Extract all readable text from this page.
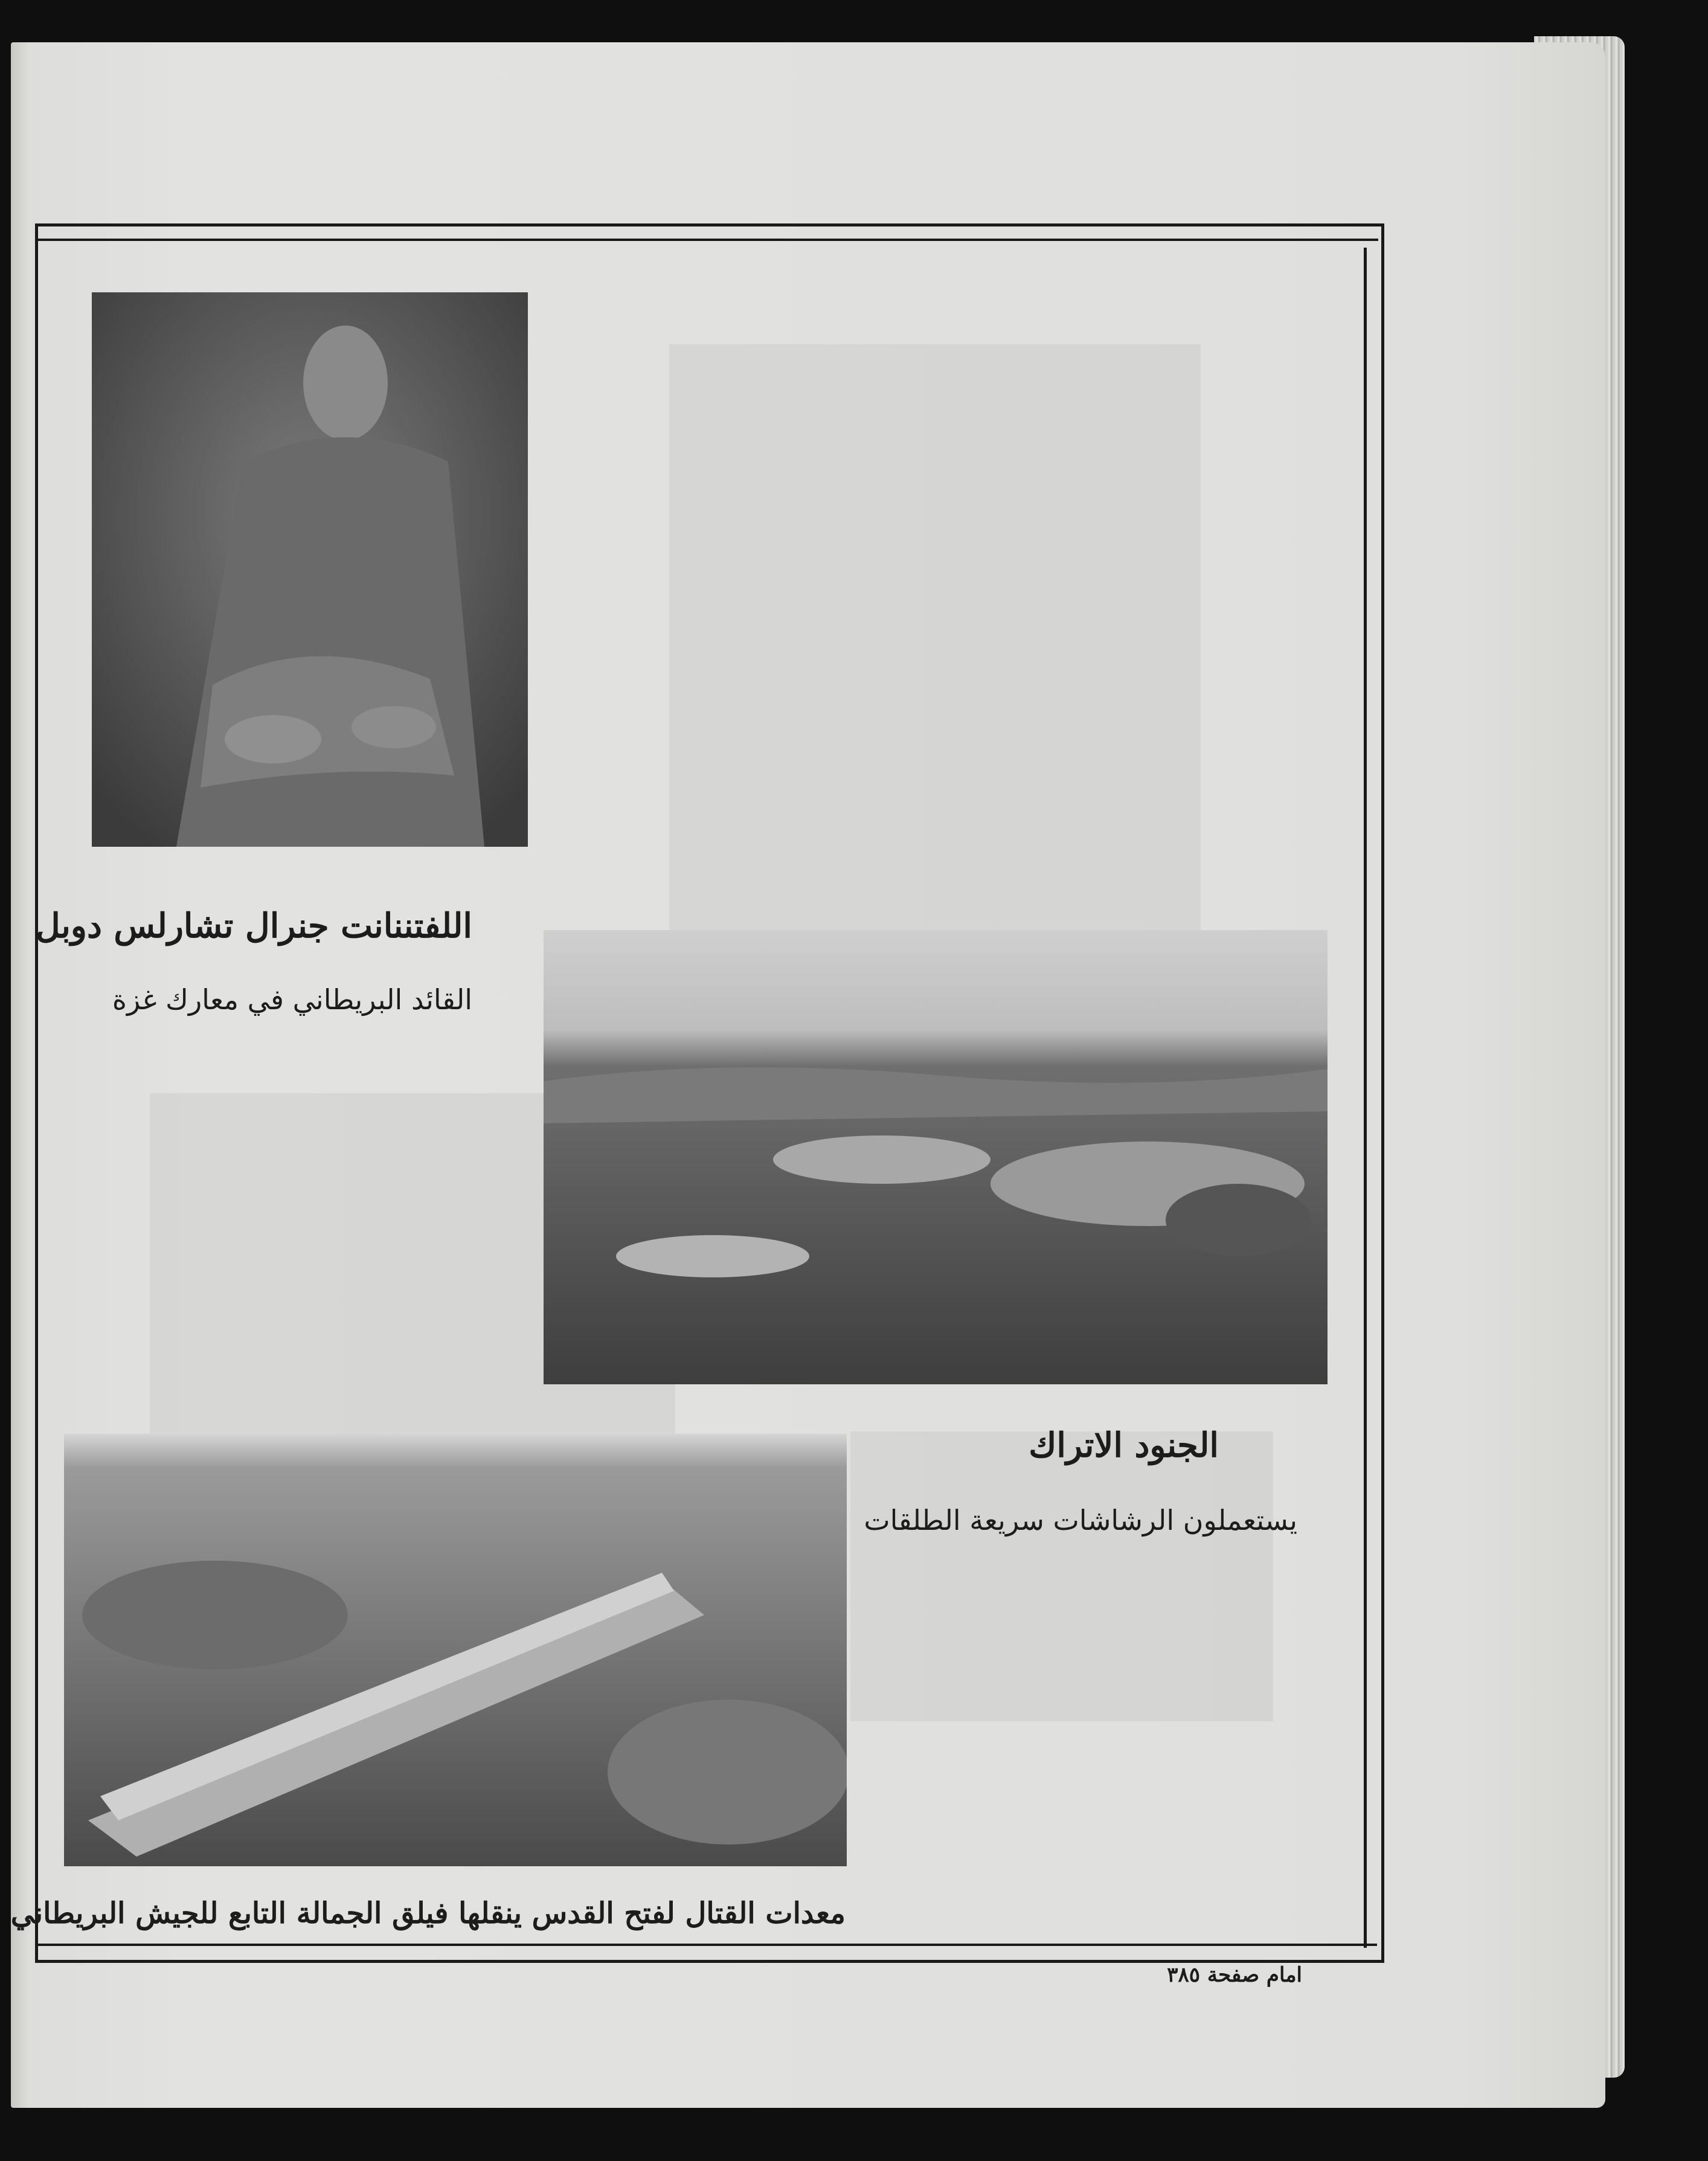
اللفتننانت جنرال تشارلس دوبل
القائد البريطاني في معارك غزة
الجنود الاتراك
يستعملون الرشاشات سريعة الطلقات
معدات القتال لفتح القدس ينقلها فيلق الجمالة التابع للجيش البريطاني
امام صفحة ٣٨٥
